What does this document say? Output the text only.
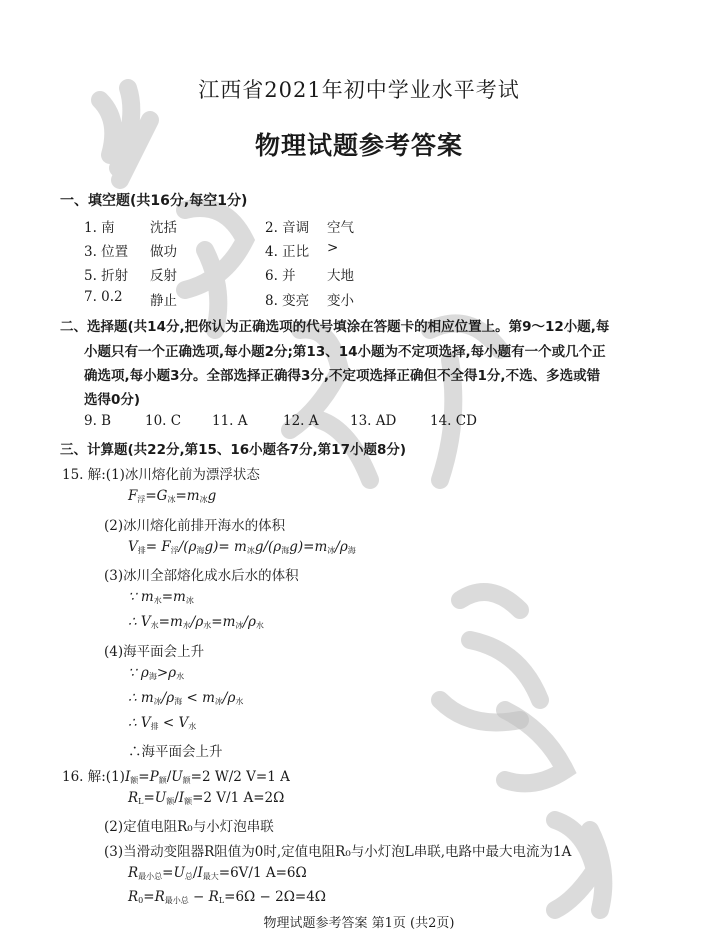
江西省2021年初中学业水平考试
物理试题参考答案
一、填空题(共16分,每空1分)
1. 南	沈括	2. 音调 空气
3. 位置 做功	4. 正比 >
5. 折射 反射	6. 并 大地
7. 0.2 静止	8. 变亮 变小
二、选择题(共14分,把你认为正确选项的代号填涂在答题卡的相应位置上。第9～12小题,每
小题只有一个正确选项,每小题2分;第13、14小题为不定项选择,每小题有一个或几个正
确选项,每小题3分。全部选择正确得3分,不定项选择正确但不全得1分,不选、多选或错
选得0分)
9. B	10. C 11. A	12. A 13. AD 14. CD
三、计算题(共22分,第15、16小题各7分,第17小题8分)
15. 解:(1)冰川熔化前为漂浮状态
$F_浮=G_冰=m_冰g$
(2)冰川熔化前排开海水的体积
$V_排= F_浮/(\rho_海g)= m_冰g/(\rho_海g)=m_冰/\rho_海$
(3)冰川全部熔化成水后水的体积
∵ $m_水=m_冰$
∴ $V_水=m_水/\rho_水=m_冰/\rho_水$
(4)海平面会上升
∵ $\rho_海>\rho_水$
∴ $m_冰/\rho_海 < m_冰/\rho_水$
∴ $V_排 < V_水$
∴海平面会上升
16. 解$:(1)I_额=P_额/U_额=2$ W/2 V=1 A
$R_L=U_额/I_额=2$ V/1 A=2Ω
(2)定值电阻R₀与小灯泡串联
(3)当滑动变阻器R阻值为0时,定值电阻R₀与小灯泡L串联,电路中最大电流为1A
$R_{最小总}=U_总/I_{最大}=6V/1$ A=6Ω
$R_0=R_{最小总} - R_L=6\Omega - 2\Omega=4\Omega$
物理试题参考答案 第1页 (共2页)
